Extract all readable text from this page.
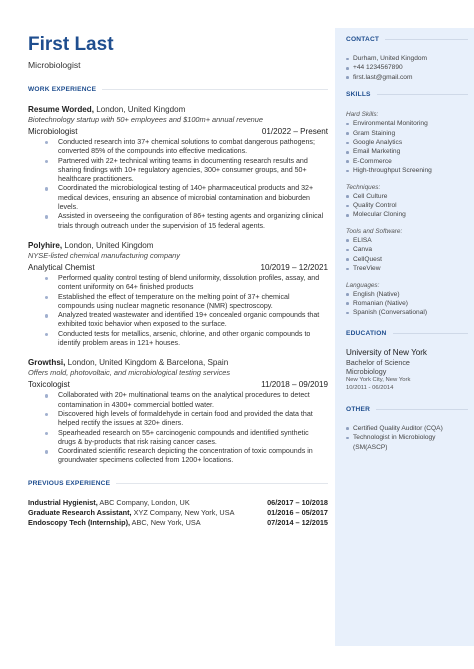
First Last
Microbiologist
WORK EXPERIENCE
Resume Worded, London, United Kingdom
Biotechnology startup with 50+ employees and $100m+ annual revenue
Microbiologist	01/2022 – Present
Conducted research into 37+ chemical solutions to combat dangerous pathogens; converted 85% of the compounds into effective medications.
Partnered with 22+ technical writing teams in documenting research results and sharing findings with 10+ regulatory agencies, 300+ consumer groups, and 50+ healthcare practitioners.
Coordinated the microbiological testing of 140+ pharmaceutical products and 32+ medical devices, ensuring an absence of microbial contamination and bioburden levels.
Assisted in overseeing the configuration of 86+ testing agents and organizing clinical trials through outreach under the supervision of 15 federal agents.
Polyhire, London, United Kingdom
NYSE-listed chemical manufacturing company
Analytical Chemist	10/2019 – 12/2021
Performed quality control testing of blend uniformity, dissolution profiles, assay, and content uniformity on 64+ finished products
Established the effect of temperature on the melting point of 37+ chemical compounds using nuclear magnetic resonance (NMR) spectroscopy.
Analyzed treated wastewater and identified 19+ concealed organic compounds that exhibited toxic behavior when exposed to the surface.
Conducted tests for metallics, arsenic, chlorine, and other organic compounds to identify problem areas in 121+ houses.
Growthsi, London, United Kingdom & Barcelona, Spain
Offers mold, photovoltaic, and microbiological testing services
Toxicologist	11/2018 – 09/2019
Collaborated with 20+ multinational teams on the analytical procedures to detect contamination in 4300+ commercial bottled water.
Discovered high levels of formaldehyde in certain food and provided the data that helped rectify the issues at 320+ diners.
Spearheaded research on 55+ carcinogenic compounds and identified synthetic drugs & by-products that risk raising cancer cases.
Coordinated scientific research depicting the concentration of toxic compounds in groundwater specimens collected from 1200+ locations.
PREVIOUS EXPERIENCE
Industrial Hygienist, ABC Company, London, UK	06/2017 – 10/2018
Graduate Research Assistant, XYZ Company, New York, USA	01/2016 – 05/2017
Endoscopy Tech (Internship), ABC, New York, USA	07/2014 – 12/2015
CONTACT
Durham, United Kingdom
+44 1234567890
first.last@gmail.com
SKILLS
Hard Skills:
Environmental Monitoring
Gram Staining
Google Analytics
Email Marketing
E-Commerce
High-throughput Screening
Techniques:
Cell Culture
Quality Control
Molecular Cloning
Tools and Software:
ELISA
Canva
CellQuest
TreeView
Languages:
English (Native)
Romanian (Native)
Spanish (Conversational)
EDUCATION
University of New York
Bachelor of Science
Microbiology
New York City, New York
10/2011 - 06/2014
OTHER
Certified Quality Auditor (CQA)
Technologist in Microbiology (SM(ASCP)
